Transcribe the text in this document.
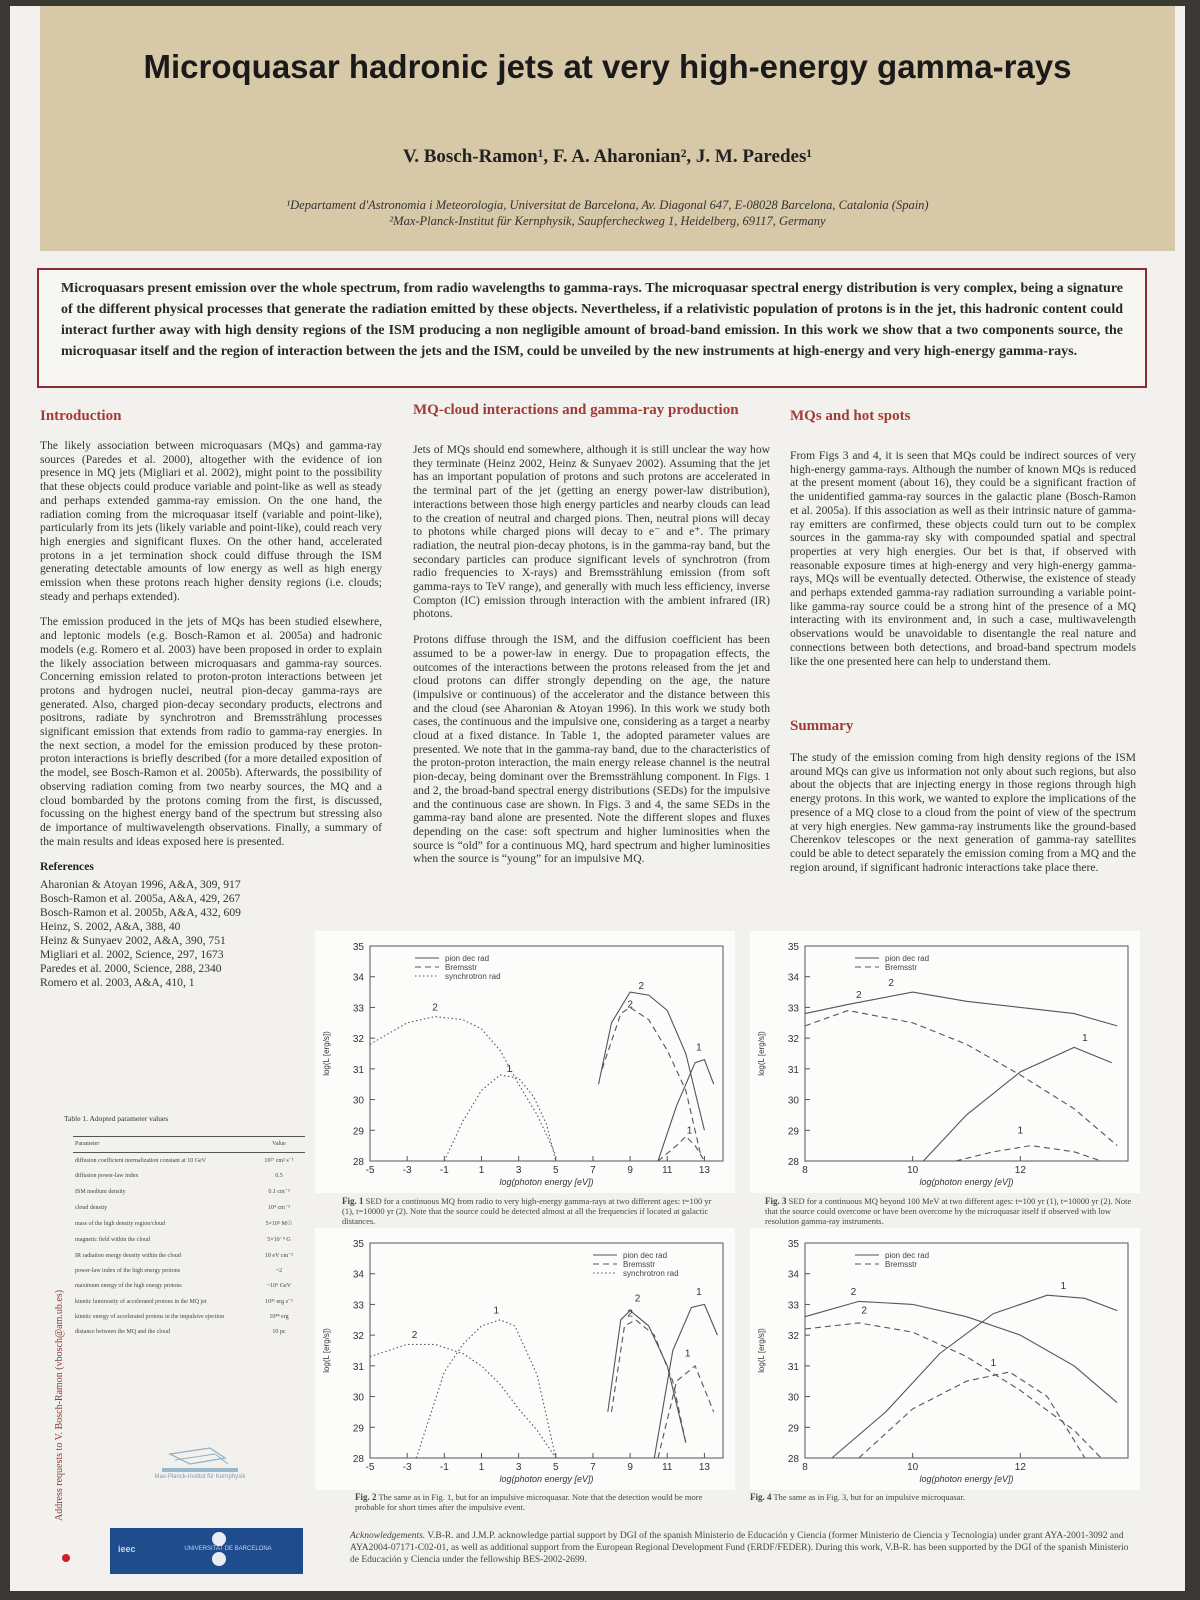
Microquasar hadronic jets at very high-energy gamma-rays
V. Bosch-Ramon¹, F. A. Aharonian², J. M. Paredes¹
¹Departament d'Astronomia i Meteorologia, Universitat de Barcelona, Av. Diagonal 647, E-08028 Barcelona, Catalonia (Spain)
²Max-Planck-Institut für Kernphysik, Saupfercheckweg 1, Heidelberg, 69117, Germany
Microquasars present emission over the whole spectrum, from radio wavelengths to gamma-rays. The microquasar spectral energy distribution is very complex, being a signature of the different physical processes that generate the radiation emitted by these objects. Nevertheless, if a relativistic population of protons is in the jet, this hadronic content could interact further away with high density regions of the ISM producing a non negligible amount of broad-band emission. In this work we show that a two components source, the microquasar itself and the region of interaction between the jets and the ISM, could be unveiled by the new instruments at high-energy and very high-energy gamma-rays.
Introduction

The likely association between microquasars (MQs) and gamma-ray sources (Paredes et al. 2000), altogether with the evidence of ion presence in MQ jets (Migliari et al. 2002), might point to the possibility that these objects could produce variable and point-like as well as steady and perhaps extended gamma-ray emission. On the one hand, the radiation coming from the microquasar itself (variable and point-like), particularly from its jets (likely variable and point-like), could reach very high energies and significant fluxes. On the other hand, accelerated protons in a jet termination shock could diffuse through the ISM generating detectable amounts of low energy as well as high energy emission when these protons reach higher density regions (i.e. clouds; steady and perhaps extended).

The emission produced in the jets of MQs has been studied elsewhere, and leptonic models (e.g. Bosch-Ramon et al. 2005a) and hadronic models (e.g. Romero et al. 2003) have been proposed in order to explain the likely association between microquasars and gamma-ray sources. Concerning emission related to proton-proton interactions between jet protons and hydrogen nuclei, neutral pion-decay gamma-rays are generated. Also, charged pion-decay secondary products, electrons and positrons, radiate by synchrotron and Bremsstrählung processes significant emission that extends from radio to gamma-ray energies. In the next section, a model for the emission produced by these proton-proton interactions is briefly described (for a more detailed exposition of the model, see Bosch-Ramon et al. 2005b). Afterwards, the possibility of observing radiation coming from two nearby sources, the MQ and a cloud bombarded by the protons coming from the first, is discussed, focussing on the highest energy band of the spectrum but stressing also de importance of multiwavelength observations. Finally, a summary of the main results and ideas exposed here is presented.

References
Aharonian & Atoyan 1996, A&A, 309, 917
Bosch-Ramon et al. 2005a, A&A, 429, 267
Bosch-Ramon et al. 2005b, A&A, 432, 609
Heinz, S. 2002, A&A, 388, 40
Heinz & Sunyaev 2002, A&A, 390, 751
Migliari et al. 2002, Science, 297, 1673
Paredes et al. 2000, Science, 288, 2340
Romero et al. 2003, A&A, 410, 1
Table 1. Adopted parameter values
Parameter	Value
diffusion coefficient normalization constant at 10 GeV	10²⁷ cm² s⁻¹
diffusion power-law index	0.5
ISM medium density	0.1 cm⁻³
cloud density	10⁴ cm⁻³
mass of the high density region/cloud	5×10⁵ M☉
magnetic field within the cloud	5×10⁻⁴ G
IR radiation energy density within the cloud	10 eV cm⁻³
power-law index of the high energy protons	~2
maximum energy of the high energy protons	~10⁵ GeV
kinetic luminosity of accelerated protons in the MQ jet	10³⁶ erg s⁻¹
kinetic energy of accelerated protons in the impulsive ejection	10⁴⁸ erg
distance between the MQ and the cloud	10 pc
Max-Planck-Institut für Kernphysik
ieec	UNIVERSITAT DE BARCELONA
Address requests to V. Bosch-Ramon (vbosch@am.ub.es)
MQ-cloud interactions and gamma-ray production

Jets of MQs should end somewhere, although it is still unclear the way how they terminate (Heinz 2002, Heinz & Sunyaev 2002). Assuming that the jet has an important population of protons and such protons are accelerated in the terminal part of the jet (getting an energy power-law distribution), interactions between those high energy particles and nearby clouds can lead to the creation of neutral and charged pions. Then, neutral pions will decay to photons while charged pions will decay to e⁻ and e⁺. The primary radiation, the neutral pion-decay photons, is in the gamma-ray band, but the secondary particles can produce significant levels of synchrotron (from radio frequencies to X-rays) and Bremsstrählung emission (from soft gamma-rays to TeV range), and generally with much less efficiency, inverse Compton (IC) emission through interaction with the ambient infrared (IR) photons.

Protons diffuse through the ISM, and the diffusion coefficient has been assumed to be a power-law in energy. Due to propagation effects, the outcomes of the interactions between the protons released from the jet and cloud protons can differ strongly depending on the age, the nature (impulsive or continuous) of the accelerator and the distance between this and the cloud (see Aharonian & Atoyan 1996). In this work we study both cases, the continuous and the impulsive one, considering as a target a nearby cloud at a fixed distance. In Table 1, the adopted parameter values are presented. We note that in the gamma-ray band, due to the characteristics of the proton-proton interaction, the main energy release channel is the neutral pion-decay, being dominant over the Bremsstrählung component. In Figs. 1 and 2, the broad-band spectral energy distributions (SEDs) for the impulsive and the continuous case are shown. In Figs. 3 and 4, the same SEDs in the gamma-ray band alone are presented. Note the different slopes and fluxes depending on the case: soft spectrum and higher luminosities when the source is “old” for a continuous MQ, hard spectrum and higher luminosities when the source is “young” for an impulsive MQ.

MQs and hot spots

From Figs 3 and 4, it is seen that MQs could be indirect sources of very high-energy gamma-rays. Although the number of known MQs is reduced at the present moment (about 16), they could be a significant fraction of the unidentified gamma-ray sources in the galactic plane (Bosch-Ramon et al. 2005a). If this association as well as their intrinsic nature of gamma-ray emitters are confirmed, these objects could turn out to be complex sources in the gamma-ray sky with compounded spatial and spectral properties at very high energies. Our bet is that, if observed with reasonable exposure times at high-energy and very high-energy gamma-rays, MQs will be eventually detected. Otherwise, the existence of steady and perhaps extended gamma-ray radiation surrounding a variable point-like gamma-ray source could be a strong hint of the presence of a MQ interacting with its environment and, in such a case, multiwavelength observations would be unavoidable to disentangle the real nature and connections between both detections, and broad-band spectrum models like the one presented here can help to understand them.

Summary

The study of the emission coming from high density regions of the ISM around MQs can give us information not only about such regions, but also about the objects that are injecting energy in those regions through high energy protons. In this work, we wanted to explore the implications of the presence of a MQ close to a cloud from the point of view of the spectrum at very high energies. New gamma-ray instruments like the ground-based Cherenkov telescopes or the next generation of gamma-ray satellites could be able to detect separately the emission coming from a MQ and the region around, if significant hadronic interactions take place there.

-5	-3	-1	1	3	5	7	9	11	13
28
29
30
31
32
33
34
35
log(photon energy [eV])
log(L [erg/s])
pion dec rad
Bremsstr
synchrotron rad
2
1
2
2
1
1
-5	-3	-1	1	3	5	7	9	11	13
28
29
30
31
32
33
34
35
log(photon energy [eV])
log(L [erg/s])
pion dec rad
Bremsstr
synchrotron rad
2
1
2
2
1
1
8	10	12
28
29
30
31
32
33
34
35
log(photon energy [eV])
log(L [erg/s])
pion dec rad
Bremsstr
2
2
1
1
8	10	12
28
29
30
31
32
33
34
35
log(photon energy [eV])
log(L [erg/s])
pion dec rad
Bremsstr
2
2
1
1
Fig. 1 SED for a continuous MQ from radio to very high-energy gamma-rays at two different ages: t=100 yr (1), t=10000 yr (2). Note that the source could be detected almost at all the frequencies if located at galactic distances.
Fig. 2 The same as in Fig. 1, but for an impulsive microquasar. Note that the detection would be more probable for short times after the impulsive event.
Fig. 3 SED for a continuous MQ beyond 100 MeV at two different ages: t=100 yr (1), t=10000 yr (2). Note that the source could overcome or have been overcome by the microquasar itself if observed with low resolution gamma-ray instruments.
Fig. 4 The same as in Fig. 3, but for an impulsive microquasar.
Acknowledgements. V.B-R. and J.M.P. acknowledge partial support by DGI of the spanish Ministerio de Educación y Ciencia (former Ministerio de Ciencia y Tecnología) under grant AYA-2001-3092 and AYA2004-07171-C02-01, as well as additional support from the European Regional Development Fund (ERDF/FEDER). During this work, V.B-R. has been supported by the DGI of the spanish Ministerio de Educación y Ciencia under the fellowship BES-2002-2699.
